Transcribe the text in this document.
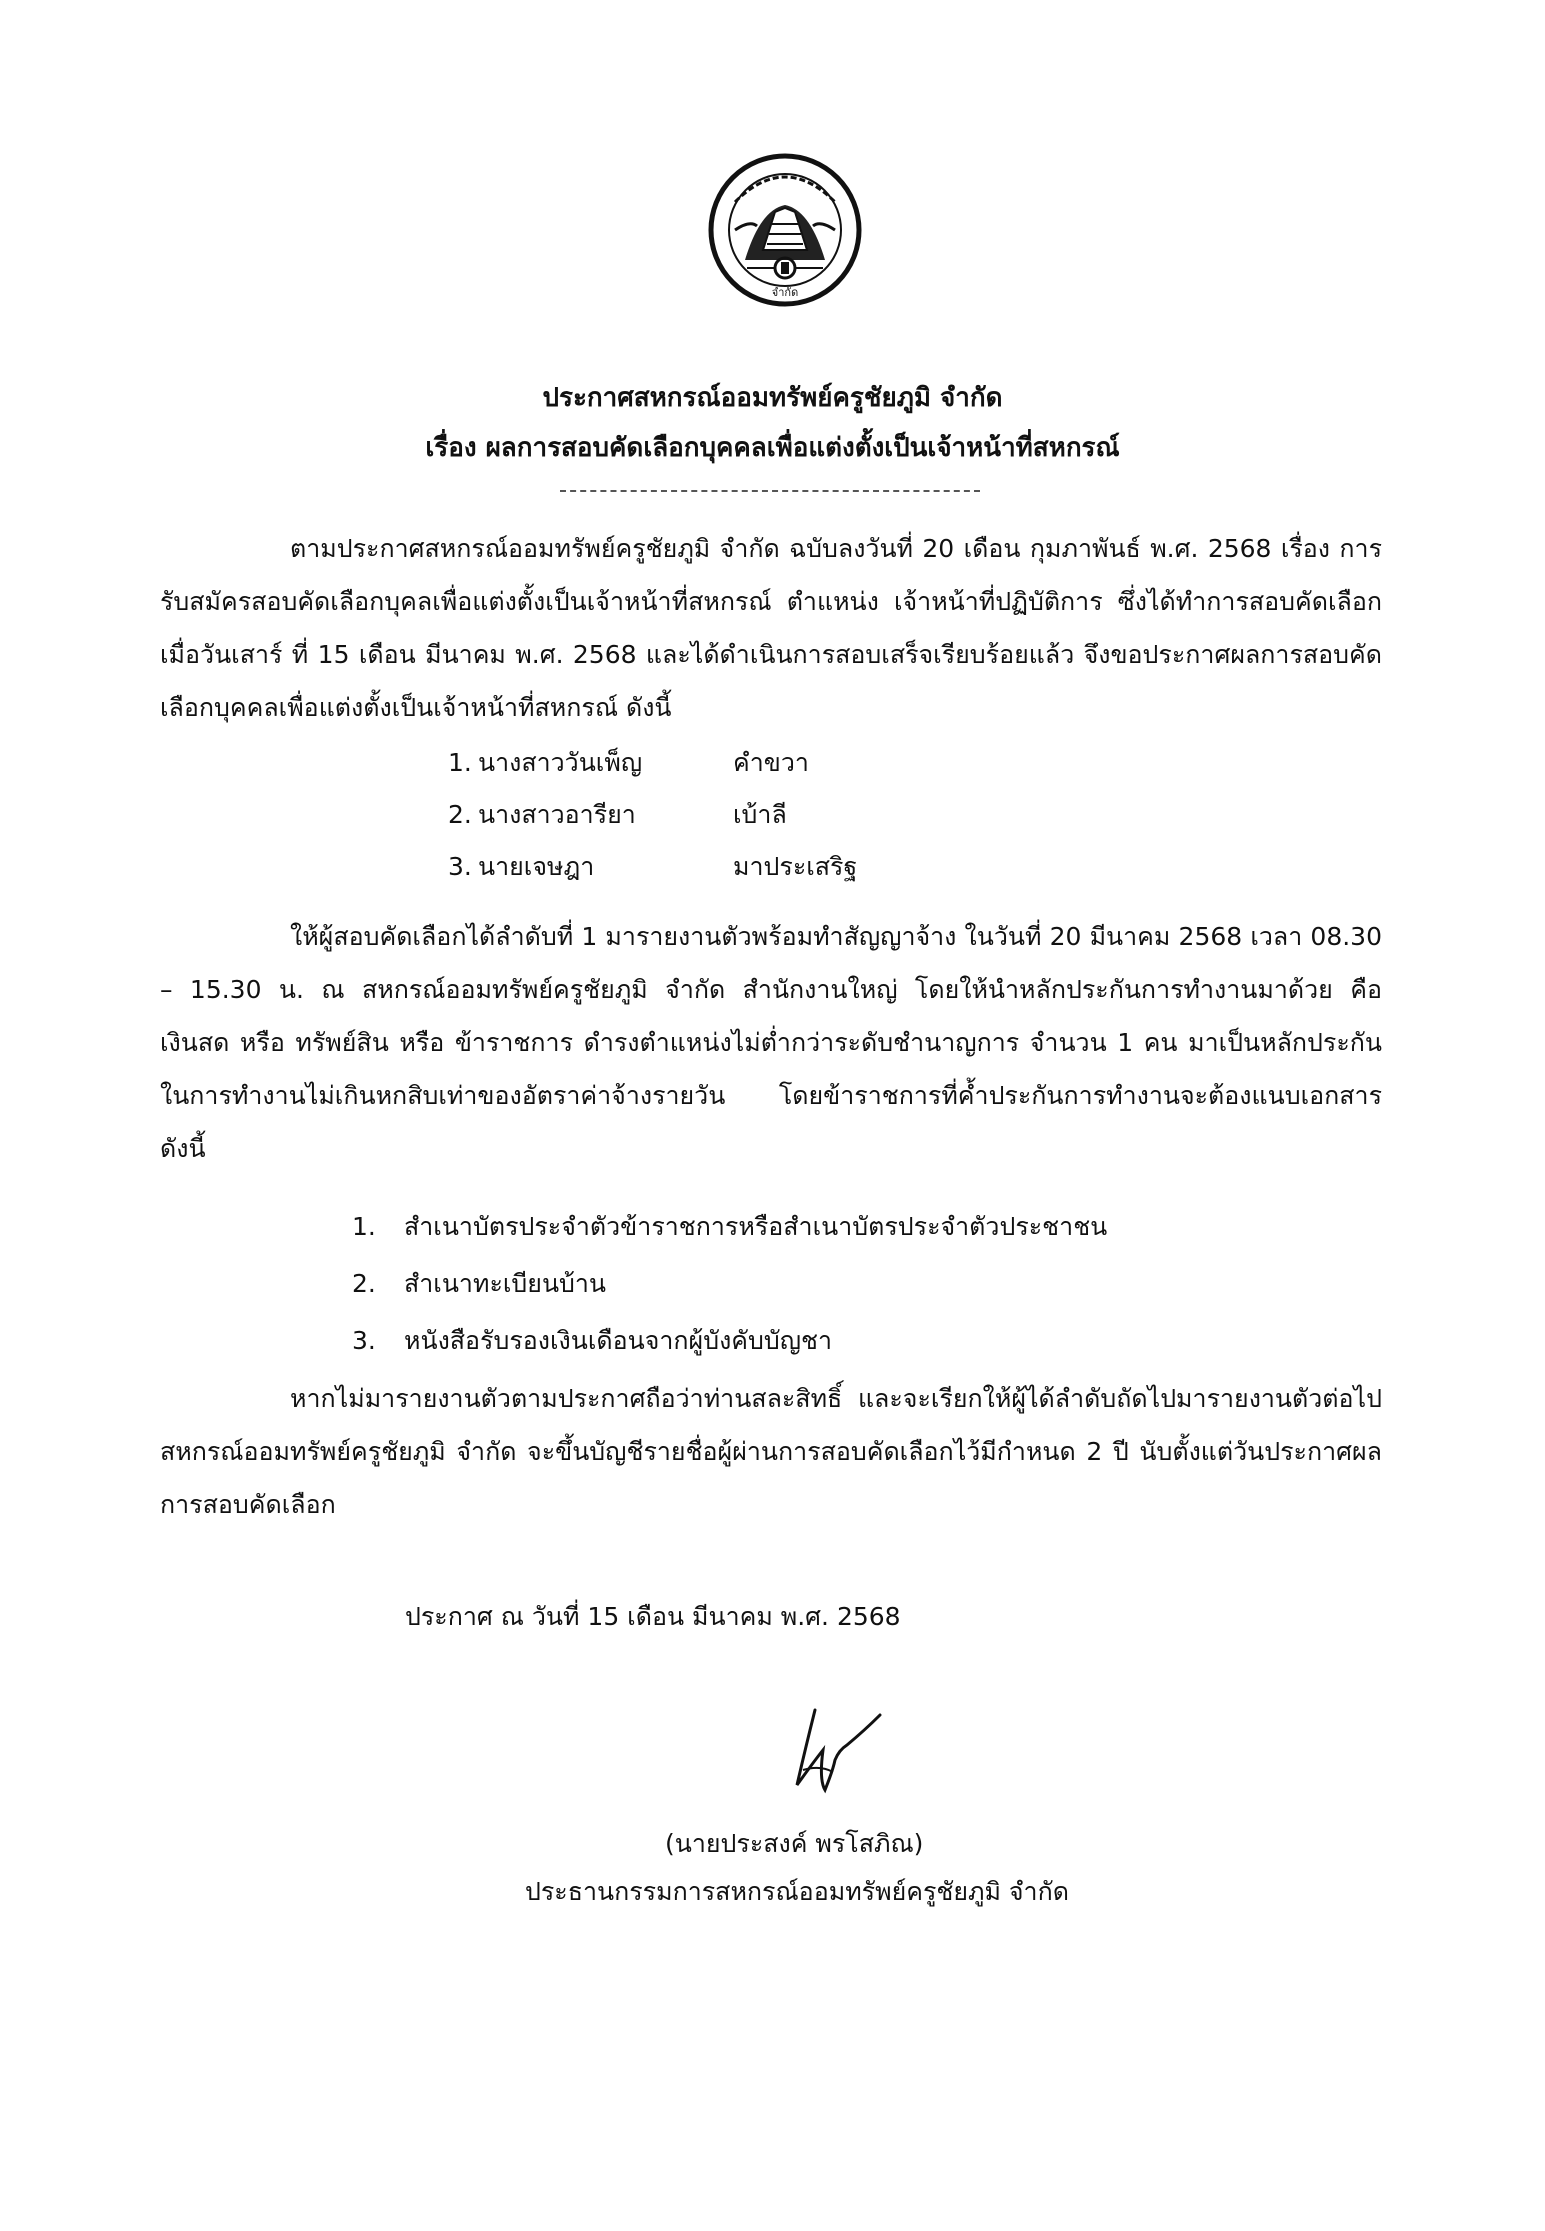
จำกัด
ประกาศสหกรณ์ออมทรัพย์ครูชัยภูมิ จำกัด
เรื่อง ผลการสอบคัดเลือกบุคคลเพื่อแต่งตั้งเป็นเจ้าหน้าที่สหกรณ์

ตามประกาศสหกรณ์ออมทรัพย์ครูชัยภูมิ จำกัด ฉบับลงวันที่ 20 เดือน กุมภาพันธ์ พ.ศ. 2568 เรื่อง การรับสมัครสอบคัดเลือกบุคลเพื่อแต่งตั้งเป็นเจ้าหน้าที่สหกรณ์ ตำแหน่ง เจ้าหน้าที่ปฏิบัติการ ซึ่งได้ทำการสอบคัดเลือกเมื่อวันเสาร์ ที่ 15 เดือน มีนาคม พ.ศ. 2568 และได้ดำเนินการสอบเสร็จเรียบร้อยแล้ว จึงขอประกาศผลการสอบคัดเลือกบุคคลเพื่อแต่งตั้งเป็นเจ้าหน้าที่สหกรณ์ ดังนี้

1. นางสาววันเพ็ญ	คำขวา
2. นางสาวอารียา	เบ้าลี
3. นายเจษฎา	มาประเสริฐ

ให้ผู้สอบคัดเลือกได้ลำดับที่ 1 มารายงานตัวพร้อมทำสัญญาจ้าง ในวันที่ 20 มีนาคม 2568 เวลา 08.30 – 15.30 น. ณ สหกรณ์ออมทรัพย์ครูชัยภูมิ จำกัด สำนักงานใหญ่ โดยให้นำหลักประกันการทำงานมาด้วย คือ เงินสด หรือ ทรัพย์สิน หรือ ข้าราชการ ดำรงตำแหน่งไม่ต่ำกว่าระดับชำนาญการ จำนวน 1 คน มาเป็นหลักประกันในการทำงานไม่เกินหกสิบเท่าของอัตราค่าจ้างรายวัน โดยข้าราชการที่ค้ำประกันการทำงานจะต้องแนบเอกสาร ดังนี้

1. สำเนาบัตรประจำตัวข้าราชการหรือสำเนาบัตรประจำตัวประชาชน
2. สำเนาทะเบียนบ้าน
3. หนังสือรับรองเงินเดือนจากผู้บังคับบัญชา

หากไม่มารายงานตัวตามประกาศถือว่าท่านสละสิทธิ์ และจะเรียกให้ผู้ได้ลำดับถัดไปมารายงานตัวต่อไป สหกรณ์ออมทรัพย์ครูชัยภูมิ จำกัด จะขึ้นบัญชีรายชื่อผู้ผ่านการสอบคัดเลือกไว้มีกำหนด 2 ปี นับตั้งแต่วันประกาศผลการสอบคัดเลือก

ประกาศ ณ วันที่ 15 เดือน มีนาคม พ.ศ. 2568
(นายประสงค์ พรโสภิณ)
ประธานกรรมการสหกรณ์ออมทรัพย์ครูชัยภูมิ จำกัด
